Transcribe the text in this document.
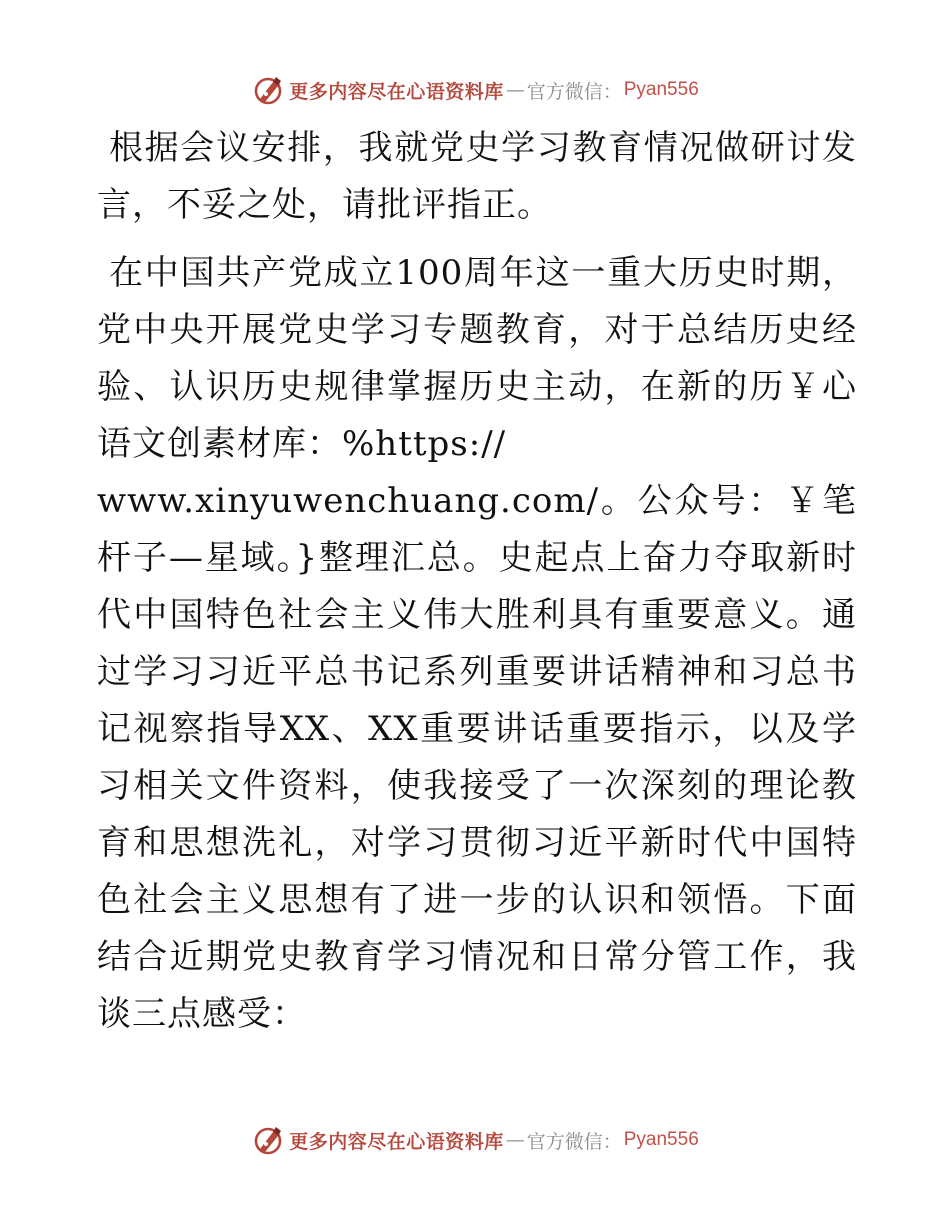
更多内容尽在心语资料库 — 官方微信： Pyan556

根据会议安排，我就党史学习教育情况做研讨发言，不妥之处，请批评指正。

在中国共产党成立100周年这一重大历史时期，党中央开展党史学习专题教育，对于总结历史经验、认识历史规律掌握历史主动，在新的历￥心语文创素材库：%https://
www.xinyuwenchuang.com/。公众号：￥笔杆子—星域。}整理汇总。史起点上奋力夺取新时代中国特色社会主义伟大胜利具有重要意义。通过学习习近平总书记系列重要讲话精神和习总书记视察指导XX、XX重要讲话重要指示，以及学习相关文件资料，使我接受了一次深刻的理论教育和思想洗礼，对学习贯彻习近平新时代中国特色社会主义思想有了进一步的认识和领悟。下面结合近期党史教育学习情况和日常分管工作，我谈三点感受：

更多内容尽在心语资料库 — 官方微信： Pyan556
